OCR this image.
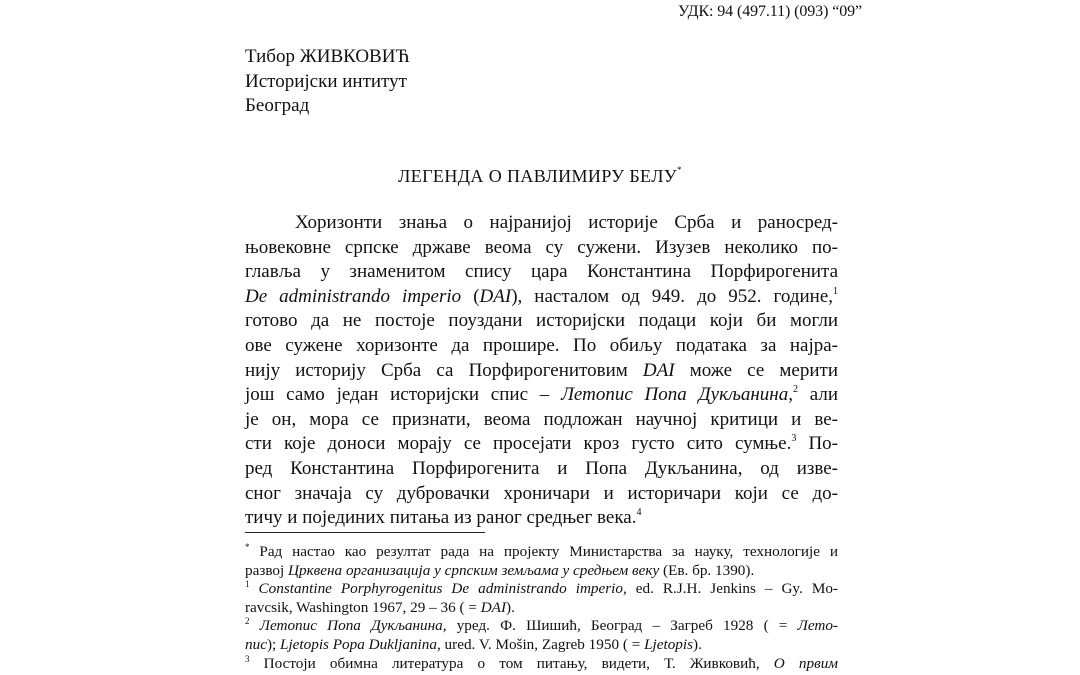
УДК: 94 (497.11) (093) “09”
Тибор ЖИВКОВИЋ
Историјски интитут
Београд
ЛЕГЕНДА О ПАВЛИМИРУ БЕЛУ*
Хоризонти знања о најранијој историје Срба и раносред-
њовековне српске државе веома су сужени. Изузев неколико по-
главља у знаменитом спису цара Константина Порфирогенита
De administrando imperio (DAI), насталом од 949. до 952. године,$^1$
готово да не постоје поуздани историјски подаци који би могли
ове сужене хоризонте да прошире. По обиљу података за најра-
нију историју Срба са Порфирогенитовим DAI може се мерити
још само један историјски спис – Летопис Попа Дукљанина,$^2$ али
је он, мора се признати, веома подложан научној критици и ве-
сти које доноси морају се просејати кроз густо сито сумње.$^3$ По-
ред Константина Порфирогенита и Попа Дукљанина, од изве-
сног значаја су дубровачки хроничари и историчари који се до-
тичу и појединих питања из раног средњег века.$^4$
* Рад настао као резултат рада на пројекту Министарства за науку, технологије и
развој Црквена организација у српским земљама у средњем веку (Ев. бр. 1390).
$^1$ Constantine Porphyrogenitus De administrando imperio, ed. R.J.H. Jenkins – Gy. Mo-
ravcsik, Washington 1967, 29 – 36 ( = DAI).
$^2$ Летопис Попа Дукљанина, уред. Ф. Шишић, Београд – Загреб 1928 ( = Лето-
пис); Ljetopis Popa Dukljanina, ured. V. Mošin, Zagreb 1950 ( = Ljetopis).
$^3$ Постоји обимна литература о том питању, видети, Т. Живковић, О првим
